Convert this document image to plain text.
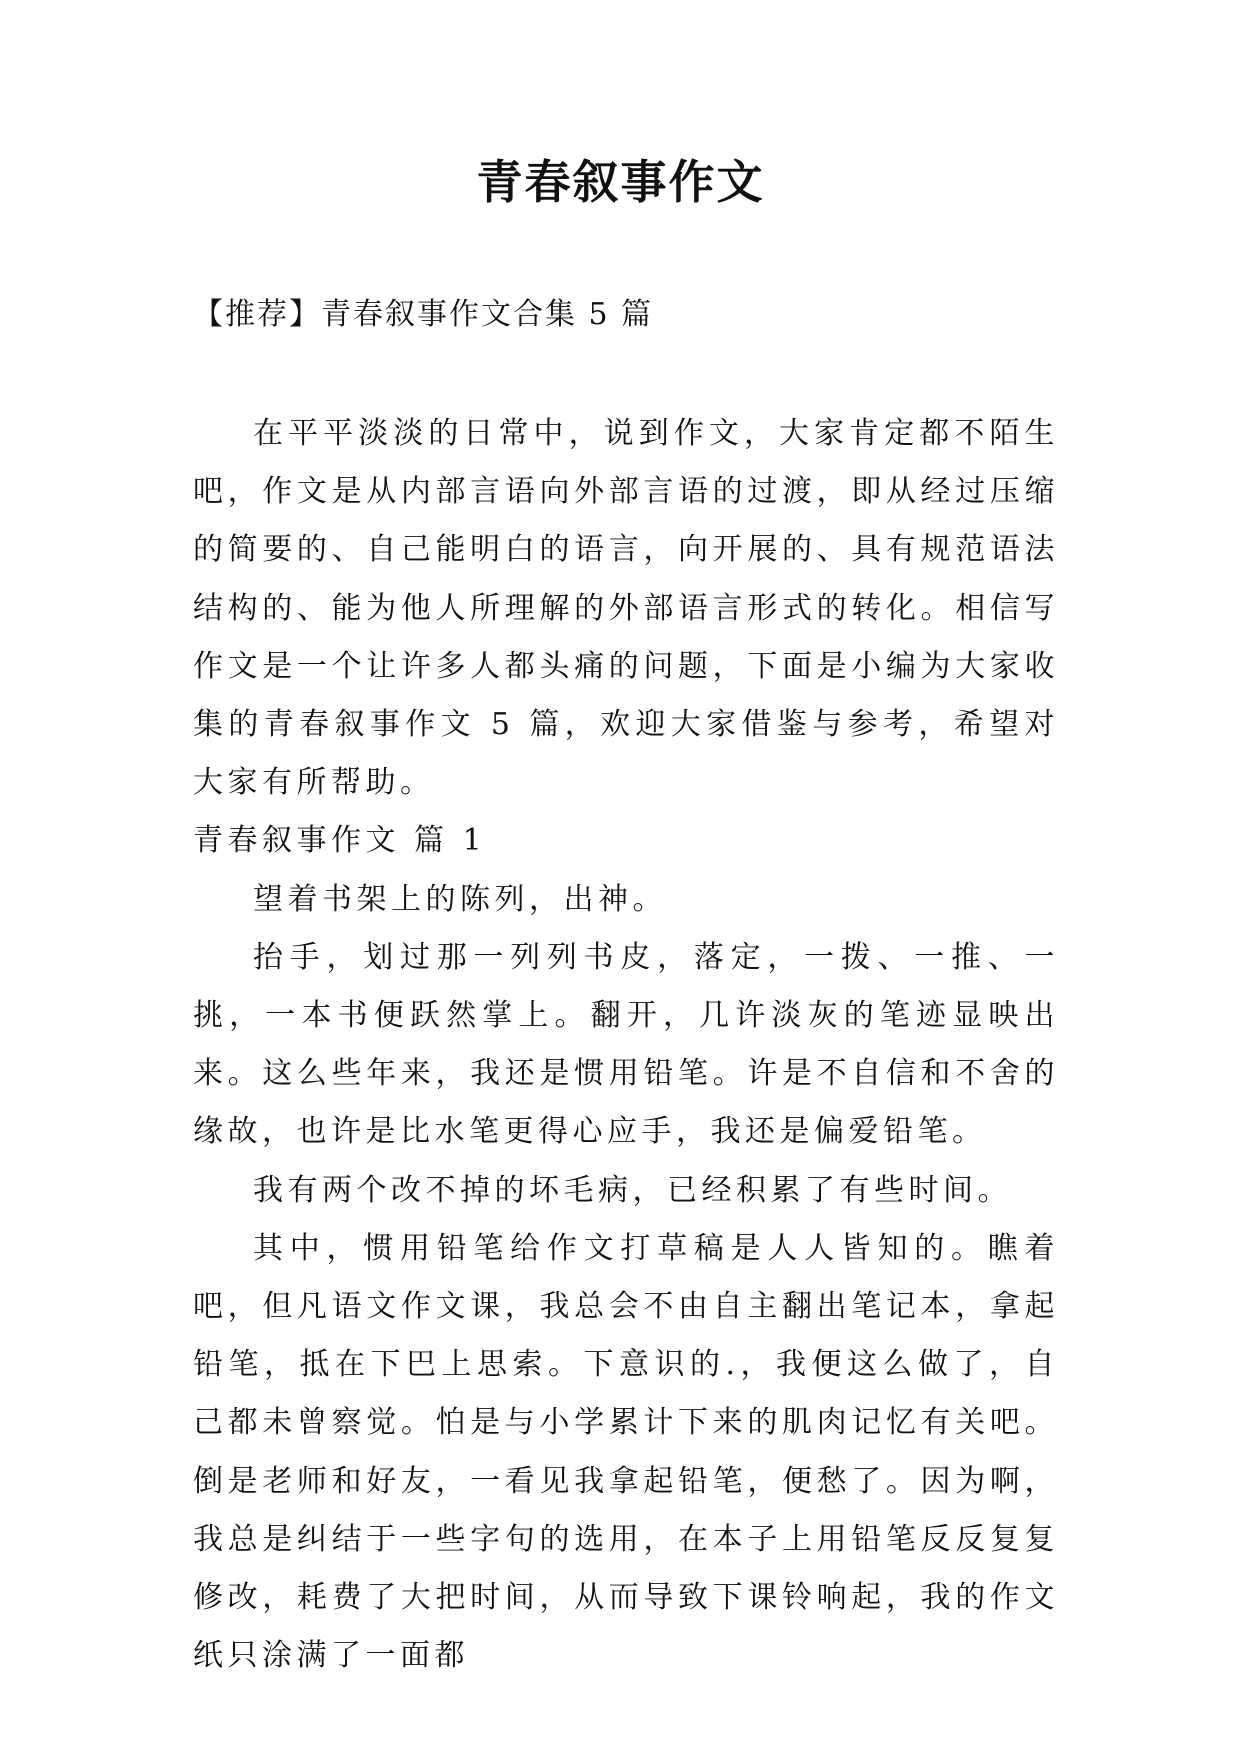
青春叙事作文

【推荐】青春叙事作文合集 5 篇

在平平淡淡的日常中，说到作文，大家肯定都不陌生吧，作文是从内部言语向外部言语的过渡，即从经过压缩的简要的、自己能明白的语言，向开展的、具有规范语法结构的、能为他人所理解的外部语言形式的转化。相信写作文是一个让许多人都头痛的问题，下面是小编为大家收集的青春叙事作文 5 篇，欢迎大家借鉴与参考，希望对大家有所帮助。

青春叙事作文 篇 1

望着书架上的陈列，出神。

抬手，划过那一列列书皮，落定，一拨、一推、一挑，一本书便跃然掌上。翻开，几许淡灰的笔迹显映出来。这么些年来，我还是惯用铅笔。许是不自信和不舍的缘故，也许是比水笔更得心应手，我还是偏爱铅笔。

我有两个改不掉的坏毛病，已经积累了有些时间。

其中，惯用铅笔给作文打草稿是人人皆知的。瞧着吧，但凡语文作文课，我总会不由自主翻出笔记本，拿起铅笔，抵在下巴上思索。下意识的.，我便这么做了，自己都未曾察觉。怕是与小学累计下来的肌肉记忆有关吧。倒是老师和好友，一看见我拿起铅笔，便愁了。因为啊，我总是纠结于一些字句的选用，在本子上用铅笔反反复复修改，耗费了大把时间，从而导致下课铃响起，我的作文纸只涂满了一面都
